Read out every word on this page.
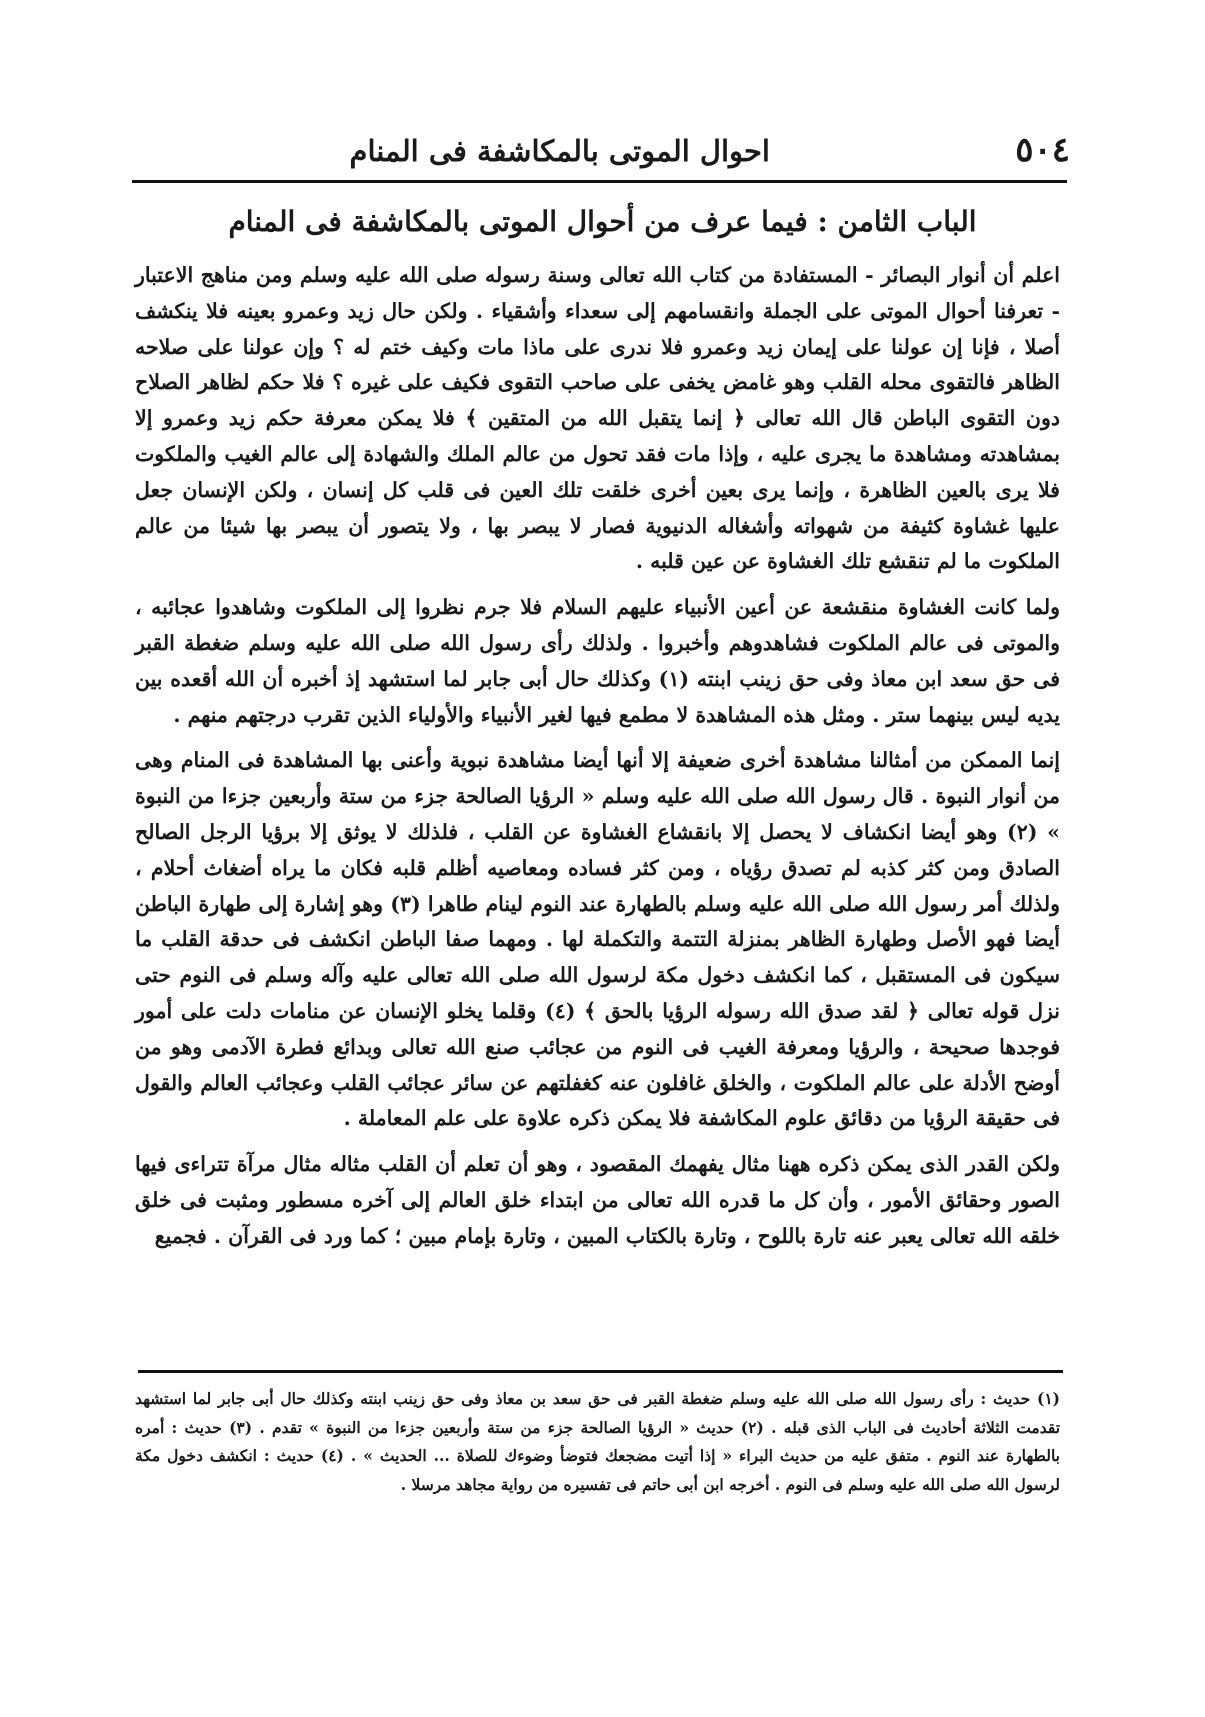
٥٠٤
احوال الموتى بالمكاشفة فى المنام
الباب الثامن : فيما عرف من أحوال الموتى بالمكاشفة فى المنام

اعلم أن أنوار البصائر - المستفادة من كتاب الله تعالى وسنة رسوله صلى الله عليه وسلم ومن مناهج الاعتبار - تعرفنا أحوال الموتى على الجملة وانقسامهم إلى سعداء وأشقياء . ولكن حال زيد وعمرو بعينه فلا ينكشف أصلا ، فإنا إن عولنا على إيمان زيد وعمرو فلا ندرى على ماذا مات وكيف ختم له ؟ وإن عولنا على صلاحه الظاهر فالتقوى محله القلب وهو غامض يخفى على صاحب التقوى فكيف على غيره ؟ فلا حكم لظاهر الصلاح دون التقوى الباطن قال الله تعالى ﴿ إنما يتقبل الله من المتقين ﴾ فلا يمكن معرفة حكم زيد وعمرو إلا بمشاهدته ومشاهدة ما يجرى عليه ، وإذا مات فقد تحول من عالم الملك والشهادة إلى عالم الغيب والملكوت فلا يرى بالعين الظاهرة ، وإنما يرى بعين أخرى خلقت تلك العين فى قلب كل إنسان ، ولكن الإنسان جعل عليها غشاوة كثيفة من شهواته وأشغاله الدنيوية فصار لا يبصر بها ، ولا يتصور أن يبصر بها شيئا من عالم الملكوت ما لم تنقشع تلك الغشاوة عن عين قلبه .

ولما كانت الغشاوة منقشعة عن أعين الأنبياء عليهم السلام فلا جرم نظروا إلى الملكوت وشاهدوا عجائبه ، والموتى فى عالم الملكوت فشاهدوهم وأخبروا . ولذلك رأى رسول الله صلى الله عليه وسلم ضغطة القبر فى حق سعد ابن معاذ وفى حق زينب ابنته (١) وكذلك حال أبى جابر لما استشهد إذ أخبره أن الله أقعده بين يديه ليس بينهما ستر . ومثل هذه المشاهدة لا مطمع فيها لغير الأنبياء والأولياء الذين تقرب درجتهم منهم .

إنما الممكن من أمثالنا مشاهدة أخرى ضعيفة إلا أنها أيضا مشاهدة نبوية وأعنى بها المشاهدة فى المنام وهى من أنوار النبوة . قال رسول الله صلى الله عليه وسلم « الرؤيا الصالحة جزء من ستة وأربعين جزءا من النبوة » (٢) وهو أيضا انكشاف لا يحصل إلا بانقشاع الغشاوة عن القلب ، فلذلك لا يوثق إلا برؤيا الرجل الصالح الصادق ومن كثر كذبه لم تصدق رؤياه ، ومن كثر فساده ومعاصيه أظلم قلبه فكان ما يراه أضغاث أحلام ، ولذلك أمر رسول الله صلى الله عليه وسلم بالطهارة عند النوم لينام طاهرا (٣) وهو إشارة إلى طهارة الباطن أيضا فهو الأصل وطهارة الظاهر بمنزلة التتمة والتكملة لها . ومهما صفا الباطن انكشف فى حدقة القلب ما سيكون فى المستقبل ، كما انكشف دخول مكة لرسول الله صلى الله تعالى عليه وآله وسلم فى النوم حتى نزل قوله تعالى ﴿ لقد صدق الله رسوله الرؤيا بالحق ﴾ (٤) وقلما يخلو الإنسان عن منامات دلت على أمور فوجدها صحيحة ، والرؤيا ومعرفة الغيب فى النوم من عجائب صنع الله تعالى وبدائع فطرة الآدمى وهو من أوضح الأدلة على عالم الملكوت ، والخلق غافلون عنه كغفلتهم عن سائر عجائب القلب وعجائب العالم والقول فى حقيقة الرؤيا من دقائق علوم المكاشفة فلا يمكن ذكره علاوة على علم المعاملة .

ولكن القدر الذى يمكن ذكره ههنا مثال يفهمك المقصود ، وهو أن تعلم أن القلب مثاله مثال مرآة تتراءى فيها الصور وحقائق الأمور ، وأن كل ما قدره الله تعالى من ابتداء خلق العالم إلى آخره مسطور ومثبت فى خلق خلقه الله تعالى يعبر عنه تارة باللوح ، وتارة بالكتاب المبين ، وتارة بإمام مبين ؛ كما ورد فى القرآن . فجميع

(١) حديث : رأى رسول الله صلى الله عليه وسلم ضغطة القبر فى حق سعد بن معاذ وفى حق زينب ابنته وكذلك حال أبى جابر لما استشهد تقدمت الثلاثة أحاديث فى الباب الذى قبله . (٢) حديث « الرؤيا الصالحة جزء من ستة وأربعين جزءا من النبوة » تقدم . (٣) حديث : أمره بالطهارة عند النوم . متفق عليه من حديث البراء « إذا أتيت مضجعك فتوضأ وضوءك للصلاة ... الحديث » . (٤) حديث : انكشف دخول مكة لرسول الله صلى الله عليه وسلم فى النوم . أخرجه ابن أبى حاتم فى تفسيره من رواية مجاهد مرسلا .
